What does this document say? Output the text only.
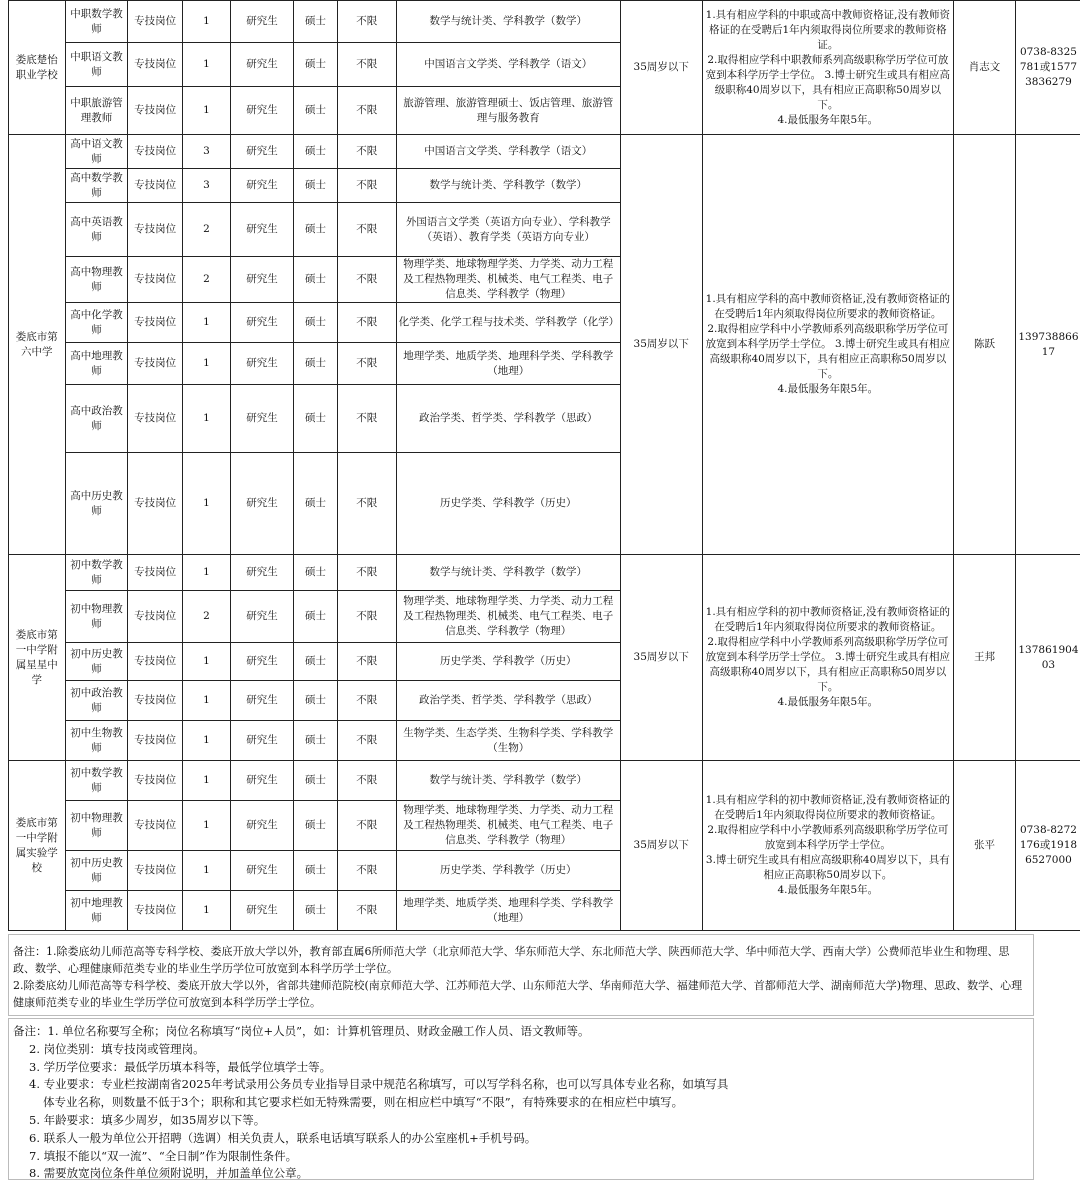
娄底楚怡职业学校	中职数学教师	专技岗位	1	研究生	硕士	不限	数学与统计类、学科教学（数学）	35周岁以下	1.具有相应学科的中职或高中教师资格证,没有教师资格证的在受聘后1年内须取得岗位所要求的教师资格证。
2.取得相应学科中职教师系列高级职称学历学位可放宽到本科学历学士学位。 3.博士研究生或具有相应高级职称40周岁以下，具有相应正高职称50周岁以下。
4.最低服务年限5年。	肖志文	0738-8325781或15773836279
	中职语文教师	专技岗位	1	研究生	硕士	不限	中国语言文学类、学科教学（语文）				
	中职旅游管理教师	专技岗位	1	研究生	硕士	不限	旅游管理、旅游管理硕士、饭店管理、旅游管理与服务教育				
娄底市第六中学	高中语文教师	专技岗位	3	研究生	硕士	不限	中国语言文学类、学科教学（语文）	35周岁以下	1.具有相应学科的高中教师资格证,没有教师资格证的在受聘后1年内须取得岗位所要求的教师资格证。
2.取得相应学科中小学教师系列高级职称学历学位可放宽到本科学历学士学位。 3.博士研究生或具有相应高级职称40周岁以下，具有相应正高职称50周岁以下。
4.最低服务年限5年。	陈跃	13973886617
	高中数学教师	专技岗位	3	研究生	硕士	不限	数学与统计类、学科教学（数学）				
	高中英语教师	专技岗位	2	研究生	硕士	不限	外国语言文学类（英语方向专业）、学科教学（英语）、教育学类（英语方向专业）				
	高中物理教师	专技岗位	2	研究生	硕士	不限	物理学类、地球物理学类、力学类、动力工程及工程热物理类、机械类、电气工程类、电子信息类、学科教学（物理）				
	高中化学教师	专技岗位	1	研究生	硕士	不限	化学类、化学工程与技术类、学科教学（化学）				
	高中地理教师	专技岗位	1	研究生	硕士	不限	地理学类、地质学类、地理科学类、学科教学（地理）				
	高中政治教师	专技岗位	1	研究生	硕士	不限	政治学类、哲学类、学科教学（思政）				
	高中历史教师	专技岗位	1	研究生	硕士	不限	历史学类、学科教学（历史）				
娄底市第一中学附属星星中学	初中数学教师	专技岗位	1	研究生	硕士	不限	数学与统计类、学科教学（数学）	35周岁以下	1.具有相应学科的初中教师资格证,没有教师资格证的在受聘后1年内须取得岗位所要求的教师资格证。
2.取得相应学科中小学教师系列高级职称学历学位可放宽到本科学历学士学位。 3.博士研究生或具有相应高级职称40周岁以下，具有相应正高职称50周岁以下。
4.最低服务年限5年。	王邦	13786190403
	初中物理教师	专技岗位	2	研究生	硕士	不限	物理学类、地球物理学类、力学类、动力工程及工程热物理类、机械类、电气工程类、电子信息类、学科教学（物理）				
	初中历史教师	专技岗位	1	研究生	硕士	不限	历史学类、学科教学（历史）				
	初中政治教师	专技岗位	1	研究生	硕士	不限	政治学类、哲学类、学科教学（思政）				
	初中生物教师	专技岗位	1	研究生	硕士	不限	生物学类、生态学类、生物科学类、学科教学（生物）				
娄底市第一中学附属实验学校	初中数学教师	专技岗位	1	研究生	硕士	不限	数学与统计类、学科教学（数学）	35周岁以下	1.具有相应学科的初中教师资格证,没有教师资格证的在受聘后1年内须取得岗位所要求的教师资格证。
2.取得相应学科中小学教师系列高级职称学历学位可放宽到本科学历学士学位。
3.博士研究生或具有相应高级职称40周岁以下，具有相应正高职称50周岁以下。
4.最低服务年限5年。	张平	0738-8272176或19186527000
	初中物理教师	专技岗位	1	研究生	硕士	不限	物理学类、地球物理学类、力学类、动力工程及工程热物理类、机械类、电气工程类、电子信息类、学科教学（物理）				
	初中历史教师	专技岗位	1	研究生	硕士	不限	历史学类、学科教学（历史）				
	初中地理教师	专技岗位	1	研究生	硕士	不限	地理学类、地质学类、地理科学类、学科教学（地理）				
备注：1.除娄底幼儿师范高等专科学校、娄底开放大学以外，教育部直属6所师范大学（北京师范大学、华东师范大学、东北师范大学、陕西师范大学、华中师范大学、西南大学）公费师范毕业生和物理、思政、数学、心理健康师范类专业的毕业生学历学位可放宽到本科学历学士学位。
2.除娄底幼儿师范高等专科学校、娄底开放大学以外，省部共建师范院校(南京师范大学、江苏师范大学、山东师范大学、华南师范大学、福建师范大学、首都师范大学、湖南师范大学)物理、思政、数学、心理健康师范类专业的毕业生学历学位可放宽到本科学历学士学位。
备注：1. 单位名称要写全称；岗位名称填写“岗位+人员”，如：计算机管理员、财政金融工作人员、语文教师等。
2. 岗位类别：填专技岗或管理岗。
3. 学历学位要求：最低学历填本科等，最低学位填学士等。
4. 专业要求：专业栏按湖南省2025年考试录用公务员专业指导目录中规范名称填写，可以写学科名称，也可以写具体专业名称，如填写具
体专业名称，则数量不低于3个；职称和其它要求栏如无特殊需要，则在相应栏中填写“不限”，有特殊要求的在相应栏中填写。
5. 年龄要求：填多少周岁，如35周岁以下等。
6. 联系人一般为单位公开招聘（选调）相关负责人，联系电话填写联系人的办公室座机+手机号码。
7. 填报不能以“双一流”、“全日制”作为限制性条件。
8. 需要放宽岗位条件单位须附说明，并加盖单位公章。
